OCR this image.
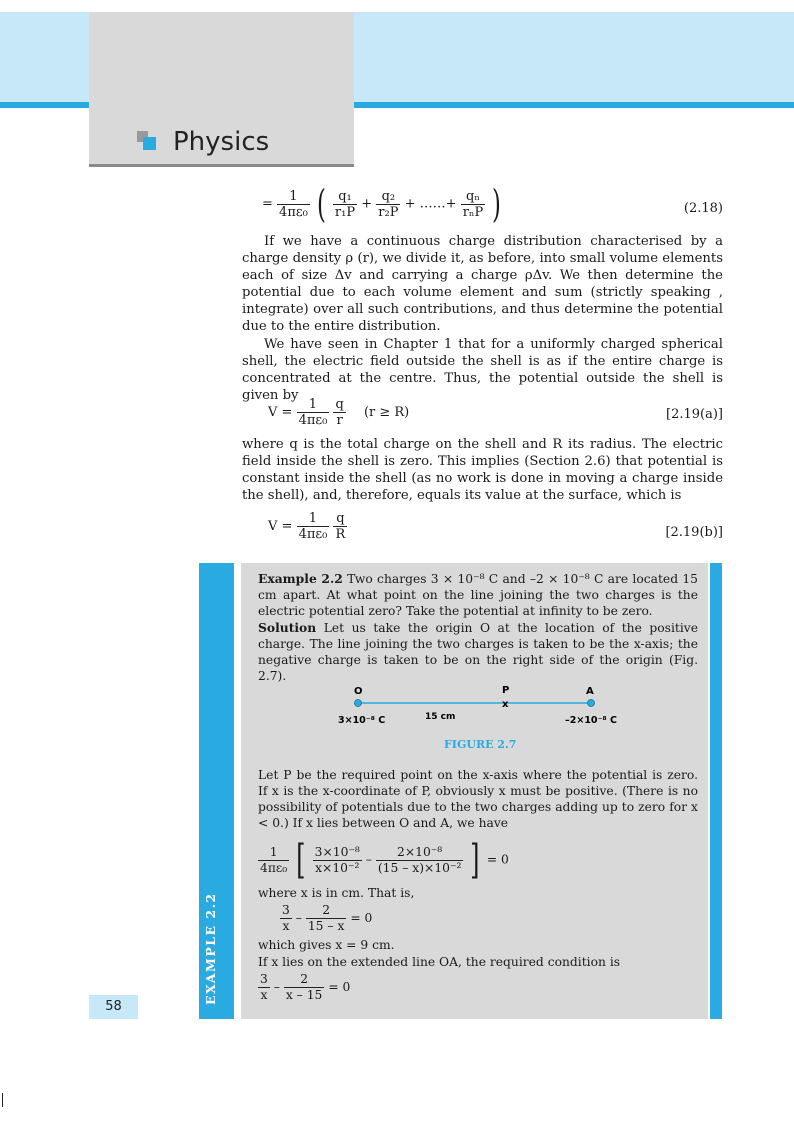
Physics
= $\frac{1}{\text{4πε₀}}$ ( $\frac{\text{q₁}}{\text{r₁P}} + \frac{\text{q₂}}{\text{r₂P}}$ + ……+ $\frac{\text{qₙ}}{\text{rₙP}}$ )	(2.18)

If we have a continuous charge distribution characterised by a charge density ρ (r), we divide it, as before, into small volume elements each of size Δv and carrying a charge ρΔv. We then determine the potential due to each volume element and sum (strictly speaking , integrate) over all such contributions, and thus determine the potential due to the entire distribution.

We have seen in Chapter 1 that for a uniformly charged spherical shell, the electric field outside the shell is as if the entire charge is concentrated at the centre. Thus, the potential outside the shell is given by

$V = \frac{1}{\text{4πε₀}}$
$\frac{q}{r} (r \ge R)$	[2.19(a)]

where q is the total charge on the shell and R its radius. The electric field inside the shell is zero. This implies (Section 2.6) that potential is constant inside the shell (as no work is done in moving a charge inside the shell), and, therefore, equals its value at the surface, which is

$V = \frac{1}{\text{4πε₀}}$
$\frac{q}{R}$	[2.19(b)]
EXAMPLE 2.2

Example 2.2 Two charges 3 × 10⁻⁸ C and –2 × 10⁻⁸ C are located 15 cm apart. At what point on the line joining the two charges is the electric potential zero? Take the potential at infinity to be zero.

Solution Let us take the origin O at the location of the positive charge. The line joining the two charges is taken to be the x-axis; the negative charge is taken to be on the right side of the origin (Fig. 2.7).

O	P
x
A
3×10⁻⁸ C	15 cm	–2×10⁻⁸ C
FIGURE 2.7

Let P be the required point on the x-axis where the potential is zero. If x is the x-coordinate of P, obviously x must be positive. (There is no possibility of potentials due to the two charges adding up to zero for x < 0.) If x lies between O and A, we have

$\frac{1}{\text{4πε₀}}$ [ $\frac{\text{3×10⁻⁸}}{\text{x×10⁻²}} - \frac{\text{2×10⁻⁸}}{\text{(15 – x)×10⁻²}}$ ] = 0

where x is in cm. That is,

$\frac{3}{x} - \frac{2}{15 - x} = 0$

which gives x = 9 cm.

If x lies on the extended line OA, the required condition is

$\frac{3}{x} - \frac{2}{x - 15} = 0$
58
